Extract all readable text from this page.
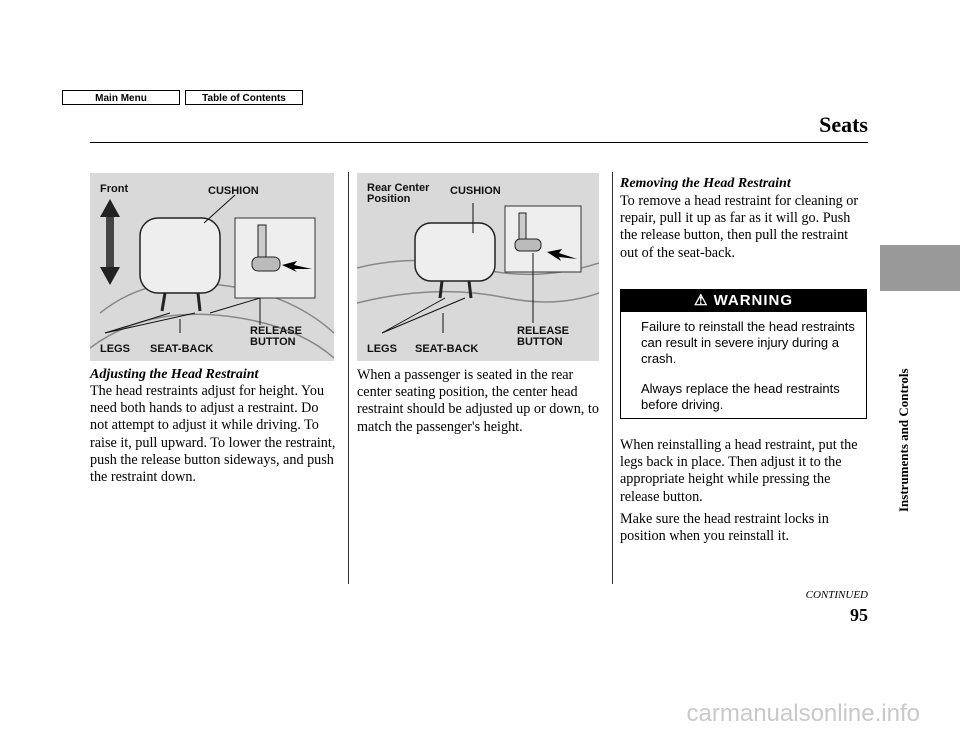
Main Menu	Table of Contents
Seats
Front	CUSHION
RELEASE
BUTTON
LEGS SEAT-BACK
Rear Center
Position
CUSHION
RELEASE
BUTTON
LEGS SEAT-BACK
Adjusting the Head Restraint

The head restraints adjust for height. You need both hands to adjust a restraint. Do not attempt to adjust it while driving. To raise it, pull upward. To lower the restraint, push the release button sideways, and push the restraint down.

When a passenger is seated in the rear center seating position, the center head restraint should be adjusted up or down, to match the passenger's height.

Removing the Head Restraint

To remove a head restraint for cleaning or repair, pull it up as far as it will go. Push the release button, then pull the restraint out of the seat-back.

⚠ WARNING

Failure to reinstall the head restraints can result in severe injury during a crash.

Always replace the head restraints before driving.

When reinstalling a head restraint, put the legs back in place. Then adjust it to the appropriate height while pressing the release button.

Make sure the head restraint locks in position when you reinstall it.

CONTINUED
95
Instruments and Controls
carmanualsonline.info
